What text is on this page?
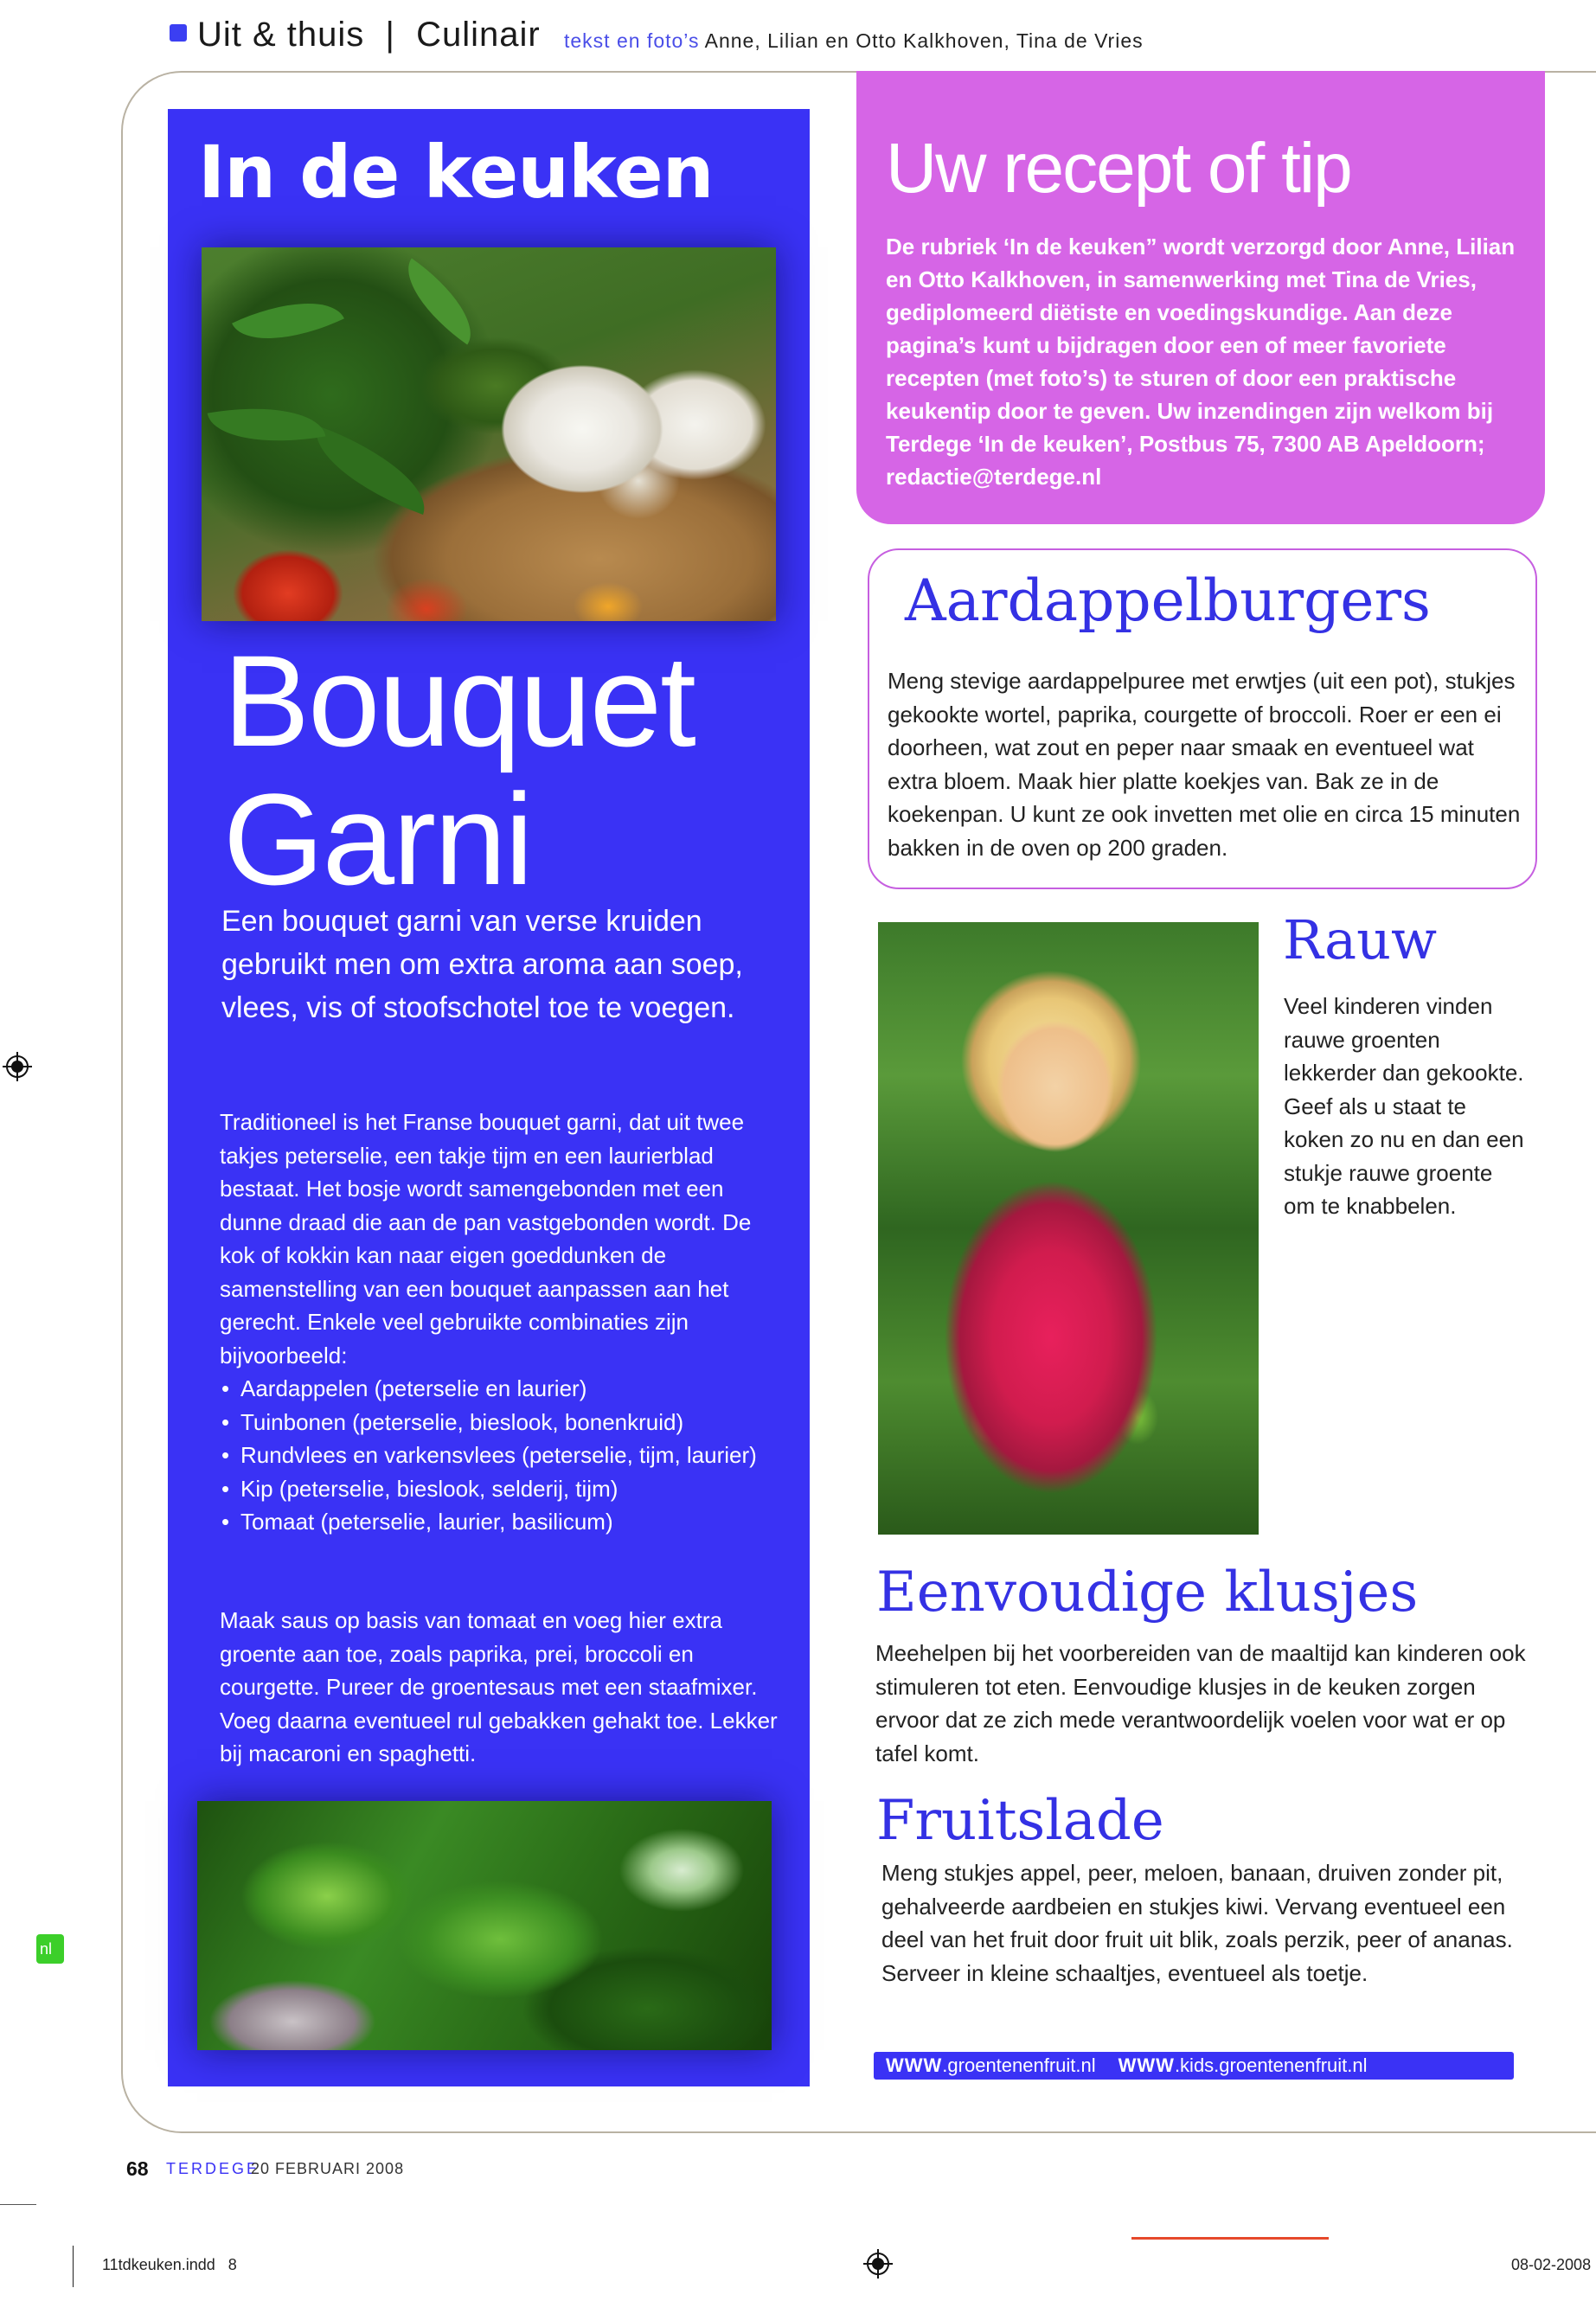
Uit & thuis  |  Culinair tekst en foto’s Anne, Lilian en Otto Kalkhoven, Tina de Vries
In de keuken
Bouquet
Garni
Een bouquet garni van verse kruiden gebruikt men om extra aroma aan soep, vlees, vis of stoofschotel toe te voegen.
Traditioneel is het Franse bouquet garni, dat uit twee takjes peterselie, een takje tijm en een laurierblad bestaat. Het bosje wordt samengebonden met een dunne draad die aan de pan vastgebonden wordt. De kok of kokkin kan naar eigen goeddunken de samenstelling van een bouquet aanpassen aan het gerecht. Enkele veel gebruikte combinaties zijn bijvoorbeeld:
• Aardappelen (peterselie en laurier)
• Tuinbonen (peterselie, bieslook, bonenkruid)
• Rundvlees en varkensvlees (peterselie, tijm, laurier)
• Kip (peterselie, bieslook, selderij, tijm)
• Tomaat (peterselie, laurier, basilicum)
Maak saus op basis van tomaat en voeg hier extra groente aan toe, zoals paprika, prei, broccoli en courgette. Pureer de groentesaus met een staafmixer. Voeg daarna eventueel rul gebakken gehakt toe. Lekker bij macaroni en spaghetti.
Uw recept of tip
De rubriek ‘In de keuken” wordt verzorgd door Anne, Lilian en Otto Kalkhoven, in samenwerking met Tina de Vries, gediplomeerd diëtiste en voedingskundige. Aan deze pagina’s kunt u bijdragen door een of meer favoriete recepten (met foto’s) te sturen of door een praktische keukentip door te geven. Uw inzendingen zijn welkom bij Terdege ‘In de keuken’, Postbus 75, 7300 AB Apeldoorn; redactie@terdege.nl
Aardappelburgers
Meng stevige aardappelpuree met erwtjes (uit een pot), stukjes gekookte wortel, paprika, courgette of broccoli. Roer er een ei doorheen, wat zout en peper naar smaak en eventueel wat extra bloem. Maak hier platte koekjes van. Bak ze in de koekenpan. U kunt ze ook invetten met olie en circa 15 minuten bakken in de oven op 200 graden.
Rauw
Veel kinderen vinden rauwe groenten lekkerder dan gekookte. Geef als u staat te koken zo nu en dan een stukje rauwe groente om te knabbelen.
Eenvoudige klusjes
Meehelpen bij het voorbereiden van de maaltijd kan kinderen ook stimuleren tot eten. Eenvoudige klusjes in de keuken zorgen ervoor dat ze zich mede verantwoordelijk voelen voor wat er op tafel komt.
Fruitslade
Meng stukjes appel, peer, meloen, banaan, druiven zonder pit, gehalveerde aardbeien en stukjes kiwi. Vervang eventueel een deel van het fruit door fruit uit blik, zoals perzik, peer of ananas. Serveer in kleine schaaltjes, eventueel als toetje.
WWW.groentenenfruit.nl WWW.kids.groentenenfruit.nl
68 TERDEGE
20 FEBRUARI 2008
11tdkeuken.indd   8	08-02-2008
nl
